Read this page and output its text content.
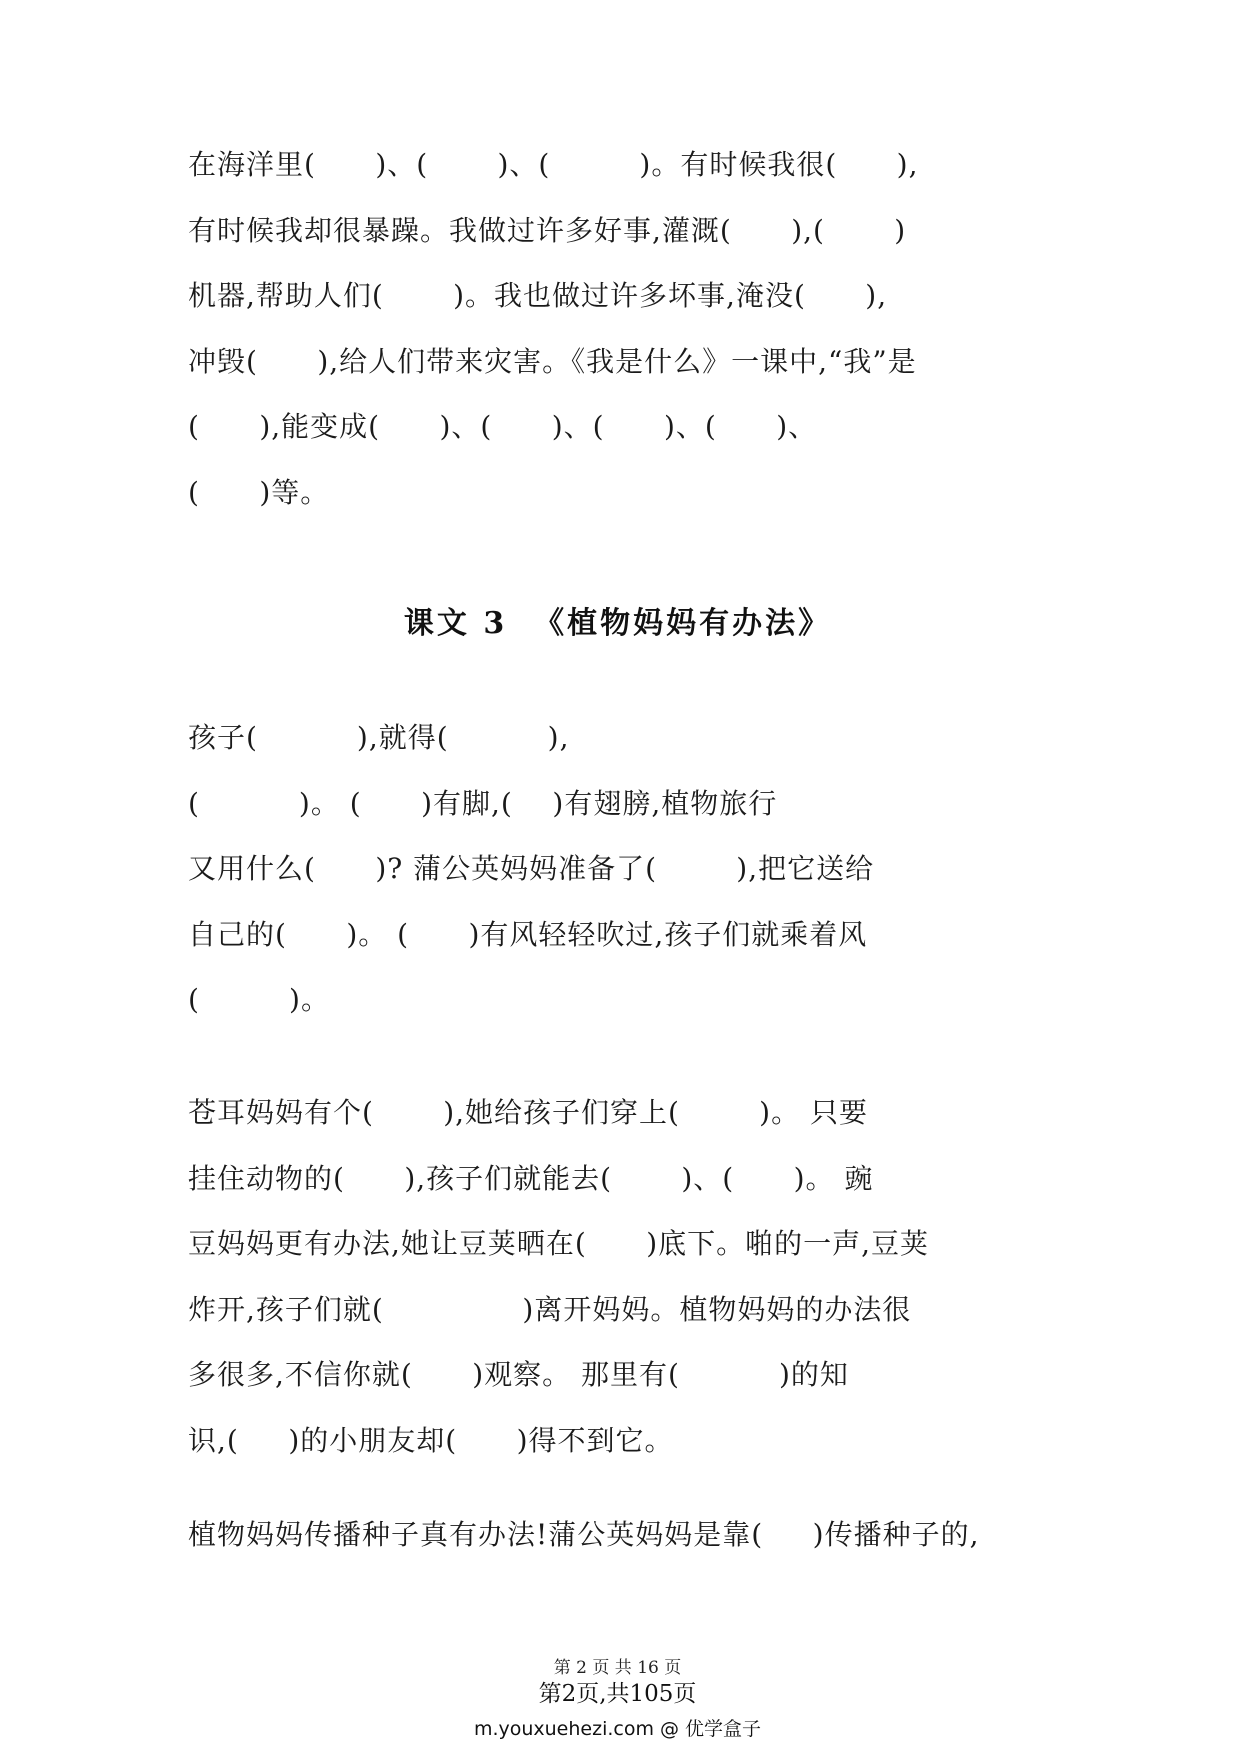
在海洋里(      )、(       )、(         )。有时候我很(      ),
有时候我却很暴躁。我做过许多好事,灌溉(      ),(       )
机器,帮助人们(       )。我也做过许多坏事,淹没(      ),
冲毁(      ),给人们带来灾害。《我是什么》一课中,“我”是
(      ),能变成(      )、(      )、(      )、(      )、
(      )等。
课文 3  《植物妈妈有办法》
孩子(          ),就得(          ),
(          )。 (      )有脚,(    )有翅膀,植物旅行
又用什么(      )? 蒲公英妈妈准备了(        ),把它送给
自己的(      )。 (      )有风轻轻吹过,孩子们就乘着风
(         )。
苍耳妈妈有个(       ),她给孩子们穿上(        )。 只要
挂住动物的(      ),孩子们就能去(       )、(      )。 豌
豆妈妈更有办法,她让豆荚晒在(      )底下。啪的一声,豆荚
炸开,孩子们就(              )离开妈妈。植物妈妈的办法很
多很多,不信你就(      )观察。 那里有(          )的知
识,(     )的小朋友却(      )得不到它。
植物妈妈传播种子真有办法!蒲公英妈妈是靠(     )传播种子的,
第 2 页 共 16 页
第2页,共105页
m.youxuehezi.com @ 优学盒子
